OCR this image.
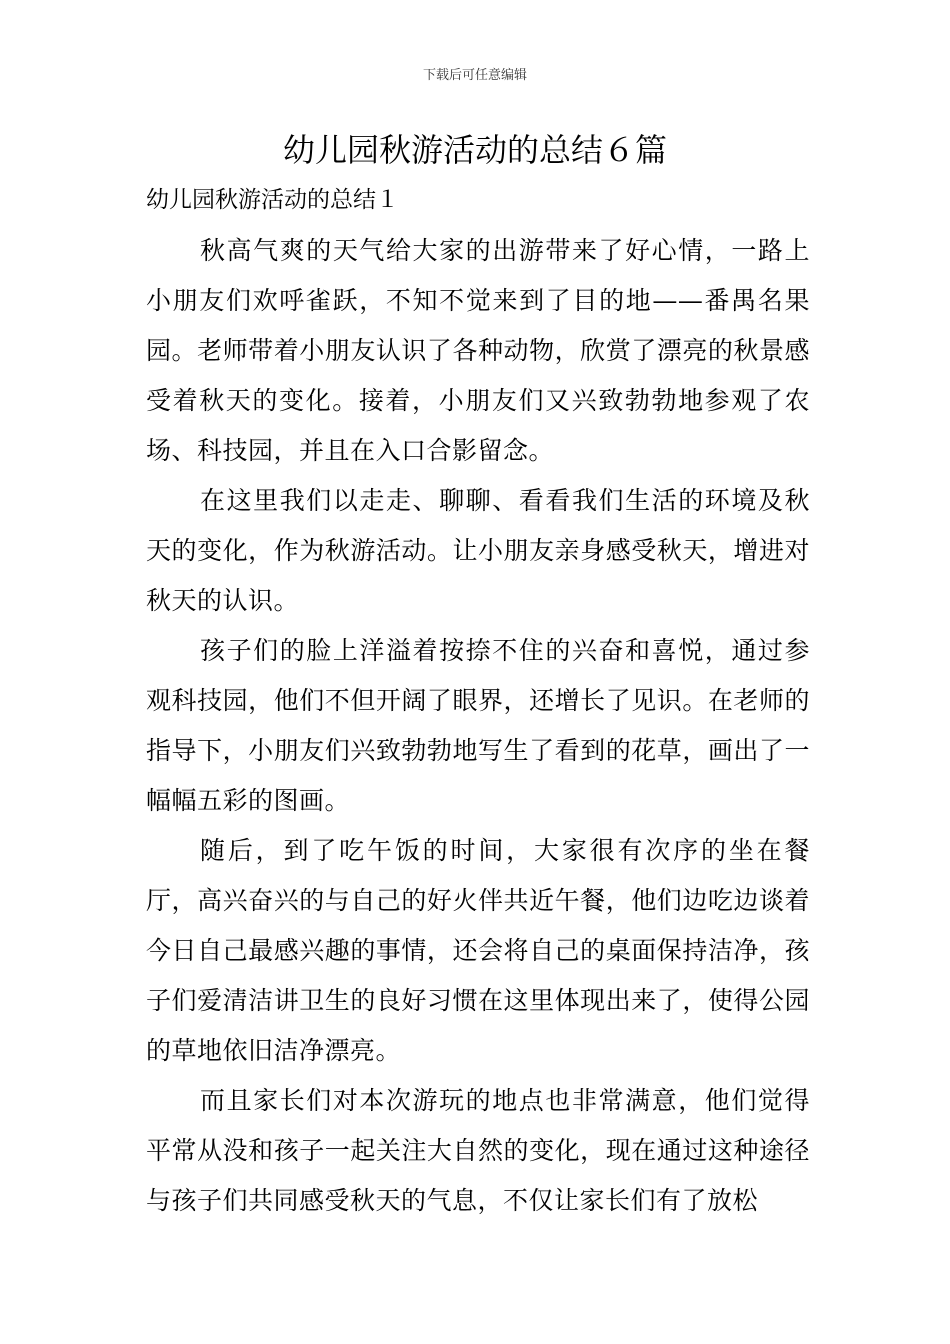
下载后可任意编辑
幼儿园秋游活动的总结６篇
幼儿园秋游活动的总结１

秋高气爽的天气给大家的出游带来了好心情，一路上小朋友们欢呼雀跃，不知不觉来到了目的地——番禺名果园。老师带着小朋友认识了各种动物，欣赏了漂亮的秋景感受着秋天的变化。接着，小朋友们又兴致勃勃地参观了农场、科技园，并且在入口合影留念。

在这里我们以走走、聊聊、看看我们生活的环境及秋天的变化，作为秋游活动。让小朋友亲身感受秋天，增进对秋天的认识。

孩子们的脸上洋溢着按捺不住的兴奋和喜悦，通过参观科技园，他们不但开阔了眼界，还增长了见识。在老师的指导下，小朋友们兴致勃勃地写生了看到的花草，画出了一幅幅五彩的图画。

随后，到了吃午饭的时间，大家很有次序的坐在餐厅，高兴奋兴的与自己的好火伴共近午餐，他们边吃边谈着今日自己最感兴趣的事情，还会将自己的桌面保持洁净，孩子们爱清洁讲卫生的良好习惯在这里体现出来了，使得公园的草地依旧洁净漂亮。

而且家长们对本次游玩的地点也非常满意，他们觉得平常从没和孩子一起关注大自然的变化，现在通过这种途径与孩子们共同感受秋天的气息，不仅让家长们有了放松
